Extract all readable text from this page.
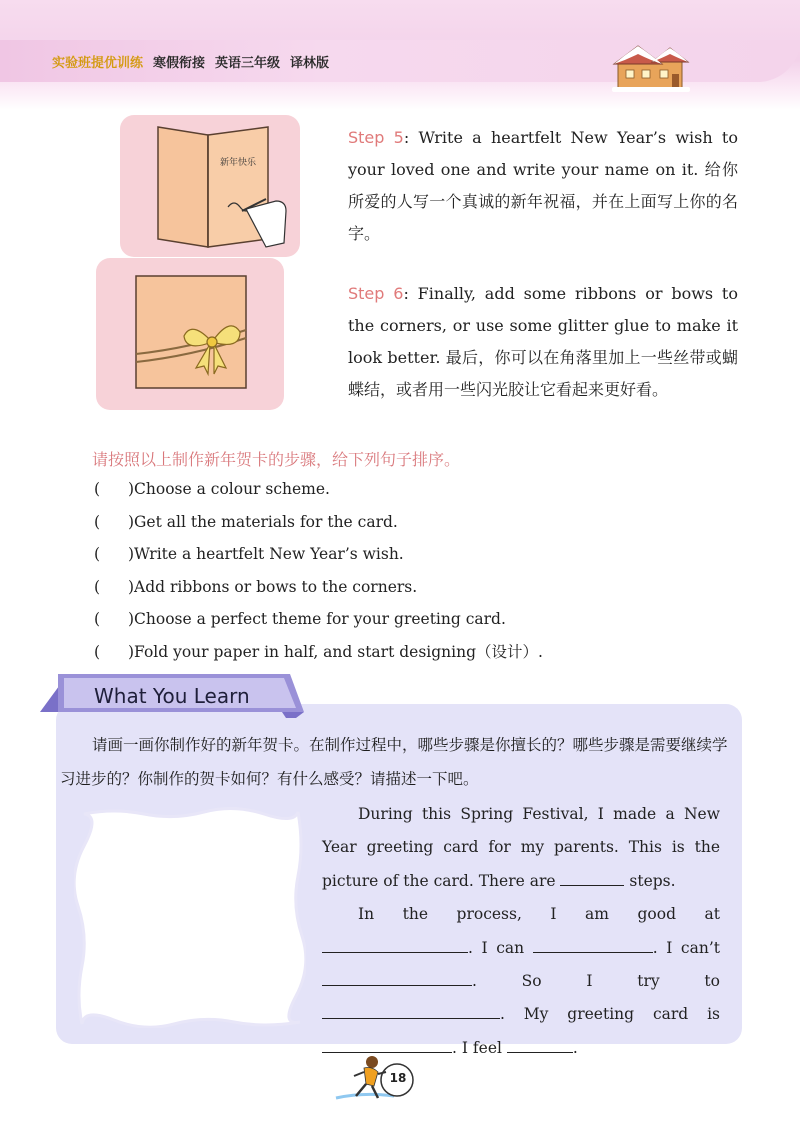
实验班提优训练 寒假衔接 英语三年级 译林版
新年快乐
Step 5: Write a heartfelt New Year’s wish to your loved one and write your name on it. 给你所爱的人写一个真诚的新年祝福，并在上面写上你的名字。
Step 6: Finally, add some ribbons or bows to the corners, or use some glitter glue to make it look better. 最后，你可以在角落里加上一些丝带或蝴蝶结，或者用一些闪光胶让它看起来更好看。
请按照以上制作新年贺卡的步骤，给下列句子排序。
(	)Choose a colour scheme.
(	)Get all the materials for the card.
(	)Write a heartfelt New Year’s wish.
(	)Add ribbons or bows to the corners.
(	)Choose a perfect theme for your greeting card.
(	)Fold your paper in half, and start designing（设计）.
What You Learn
请画一画你制作好的新年贺卡。在制作过程中，哪些步骤是你擅长的？哪些步骤是需要继续学习进步的？你制作的贺卡如何？有什么感受？请描述一下吧。

During this Spring Festival, I made a New Year greeting card for my parents. This is the picture of the card. There are	steps.

In the process, I am good at . I can	. I can’t . So I try to . My greeting card is . I feel	.

18
